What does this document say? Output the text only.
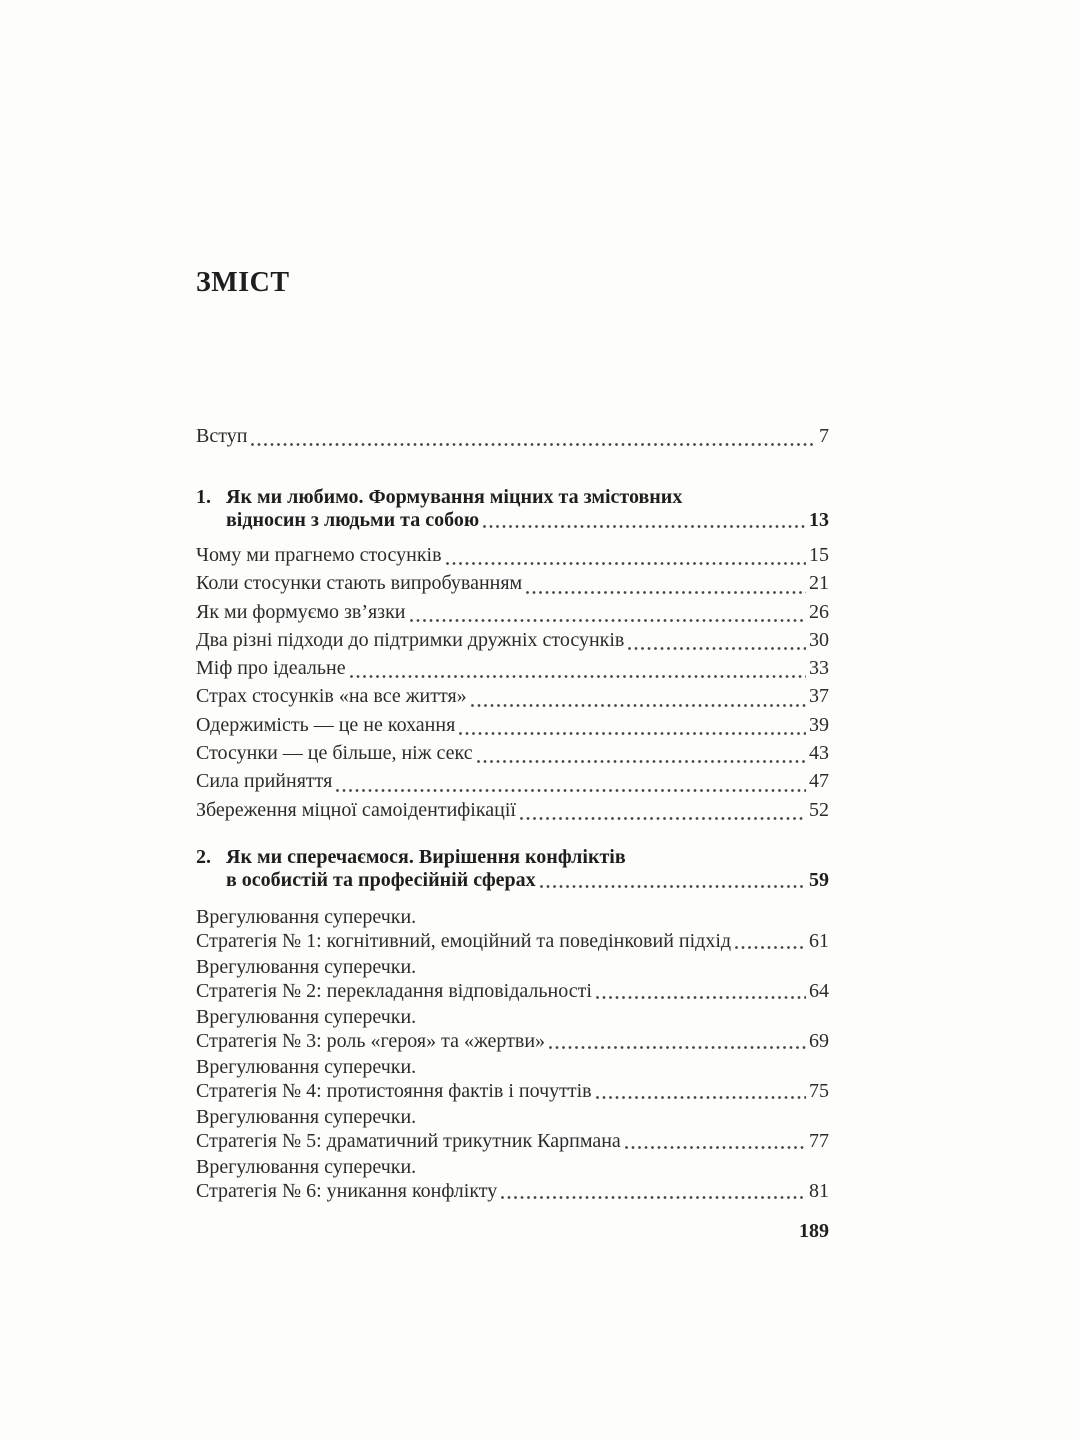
ЗМІСТ
Вступ	7
1. Як ми любимо. Формування міцних та змістовних
відносин з людьми та собою	13
Чому ми прагнемо стосунків	15
Коли стосунки стають випробуванням	21
Як ми формуємо зв’язки	26
Два різні підходи до підтримки дружніх стосунків	30
Міф про ідеальне	33
Страх стосунків «на все життя»	37
Одержимість — це не кохання	39
Стосунки — це більше, ніж секс	43
Сила прийняття	47
Збереження міцної самоідентифікації	52
2. Як ми сперечаємося. Вирішення конфліктів
в особистій та професійній сферах	59
Врегулювання суперечки.
Стратегія № 1: когнітивний, емоційний та поведінковий підхід	61
Врегулювання суперечки.
Стратегія № 2: перекладання відповідальності	64
Врегулювання суперечки.
Стратегія № 3: роль «героя» та «жертви»	69
Врегулювання суперечки.
Стратегія № 4: протистояння фактів і почуттів	75
Врегулювання суперечки.
Стратегія № 5: драматичний трикутник Карпмана	77
Врегулювання суперечки.
Стратегія № 6: уникання конфлікту	81
189
